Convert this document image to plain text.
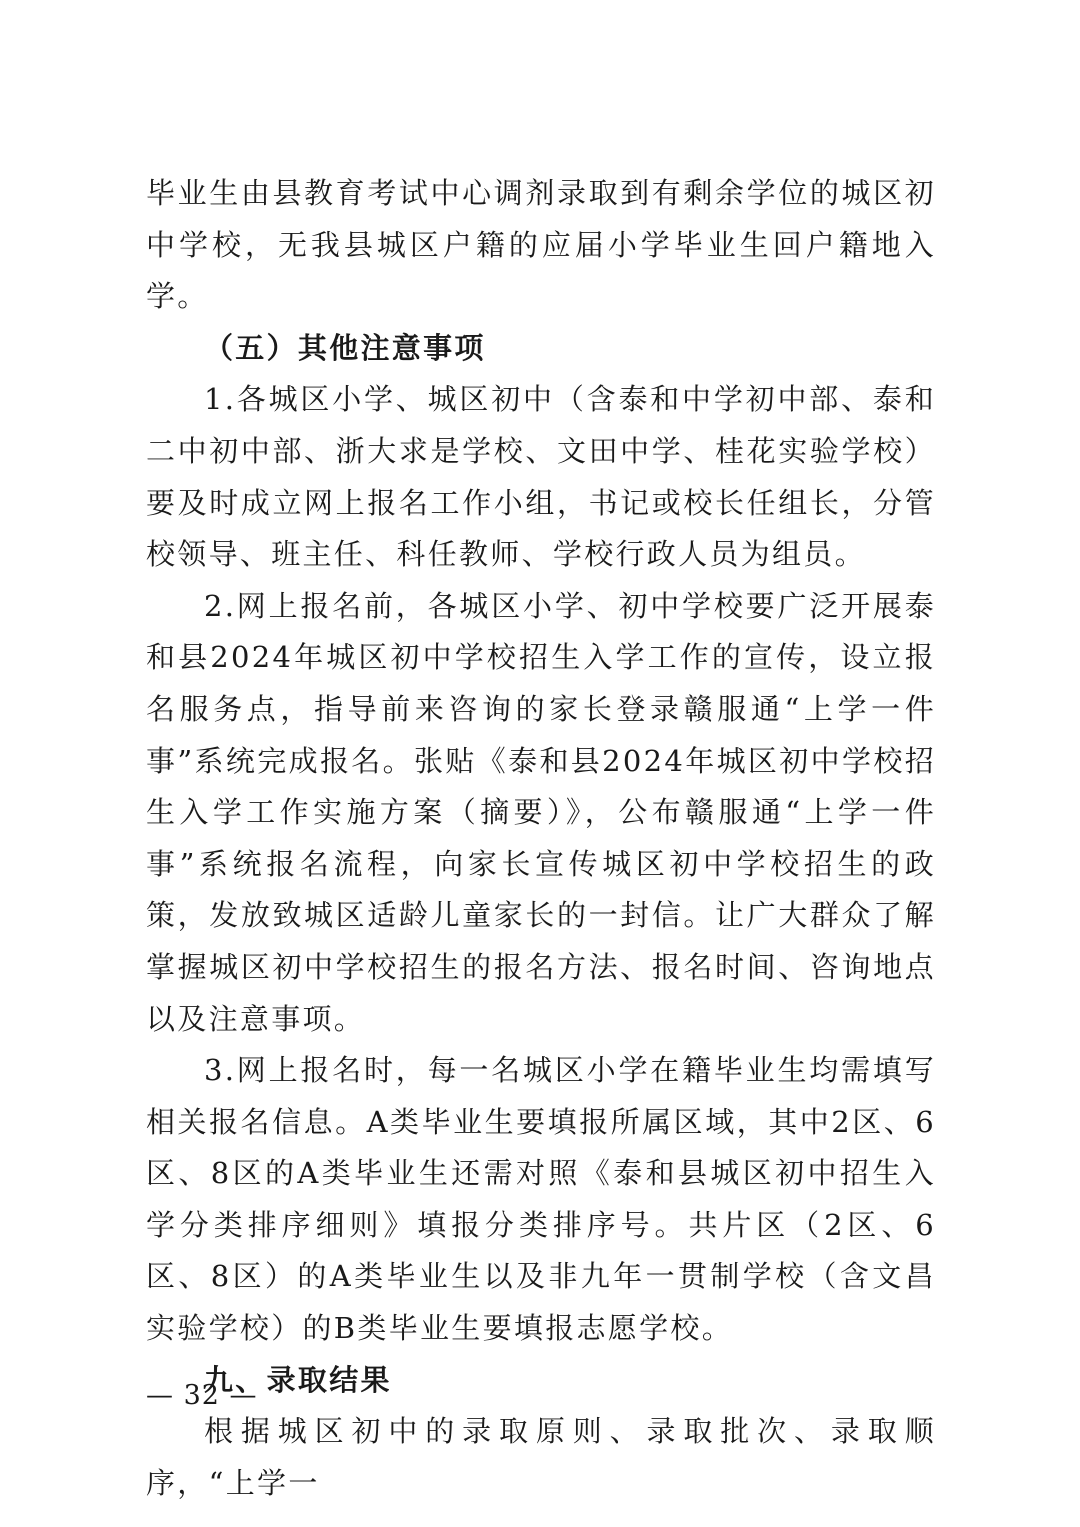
毕业生由县教育考试中心调剂录取到有剩余学位的城区初中学校，无我县城区户籍的应届小学毕业生回户籍地入学。

（五）其他注意事项

1.各城区小学、城区初中（含泰和中学初中部、泰和二中初中部、浙大求是学校、文田中学、桂花实验学校）要及时成立网上报名工作小组，书记或校长任组长，分管校领导、班主任、科任教师、学校行政人员为组员。

2.网上报名前，各城区小学、初中学校要广泛开展泰和县2024年城区初中学校招生入学工作的宣传，设立报名服务点，指导前来咨询的家长登录赣服通“上学一件事”系统完成报名。张贴《泰和县2024年城区初中学校招生入学工作实施方案（摘要）》，公布赣服通“上学一件事”系统报名流程，向家长宣传城区初中学校招生的政策，发放致城区适龄儿童家长的一封信。让广大群众了解掌握城区初中学校招生的报名方法、报名时间、咨询地点以及注意事项。

3.网上报名时，每一名城区小学在籍毕业生均需填写相关报名信息。A类毕业生要填报所属区域，其中2区、6区、8区的A类毕业生还需对照《泰和县城区初中招生入学分类排序细则》填报分类排序号。共片区（2区、6区、8区）的A类毕业生以及非九年一贯制学校（含文昌实验学校）的B类毕业生要填报志愿学校。

九、录取结果

根据城区初中的录取原则、录取批次、录取顺序，“上学一

— 32 —
